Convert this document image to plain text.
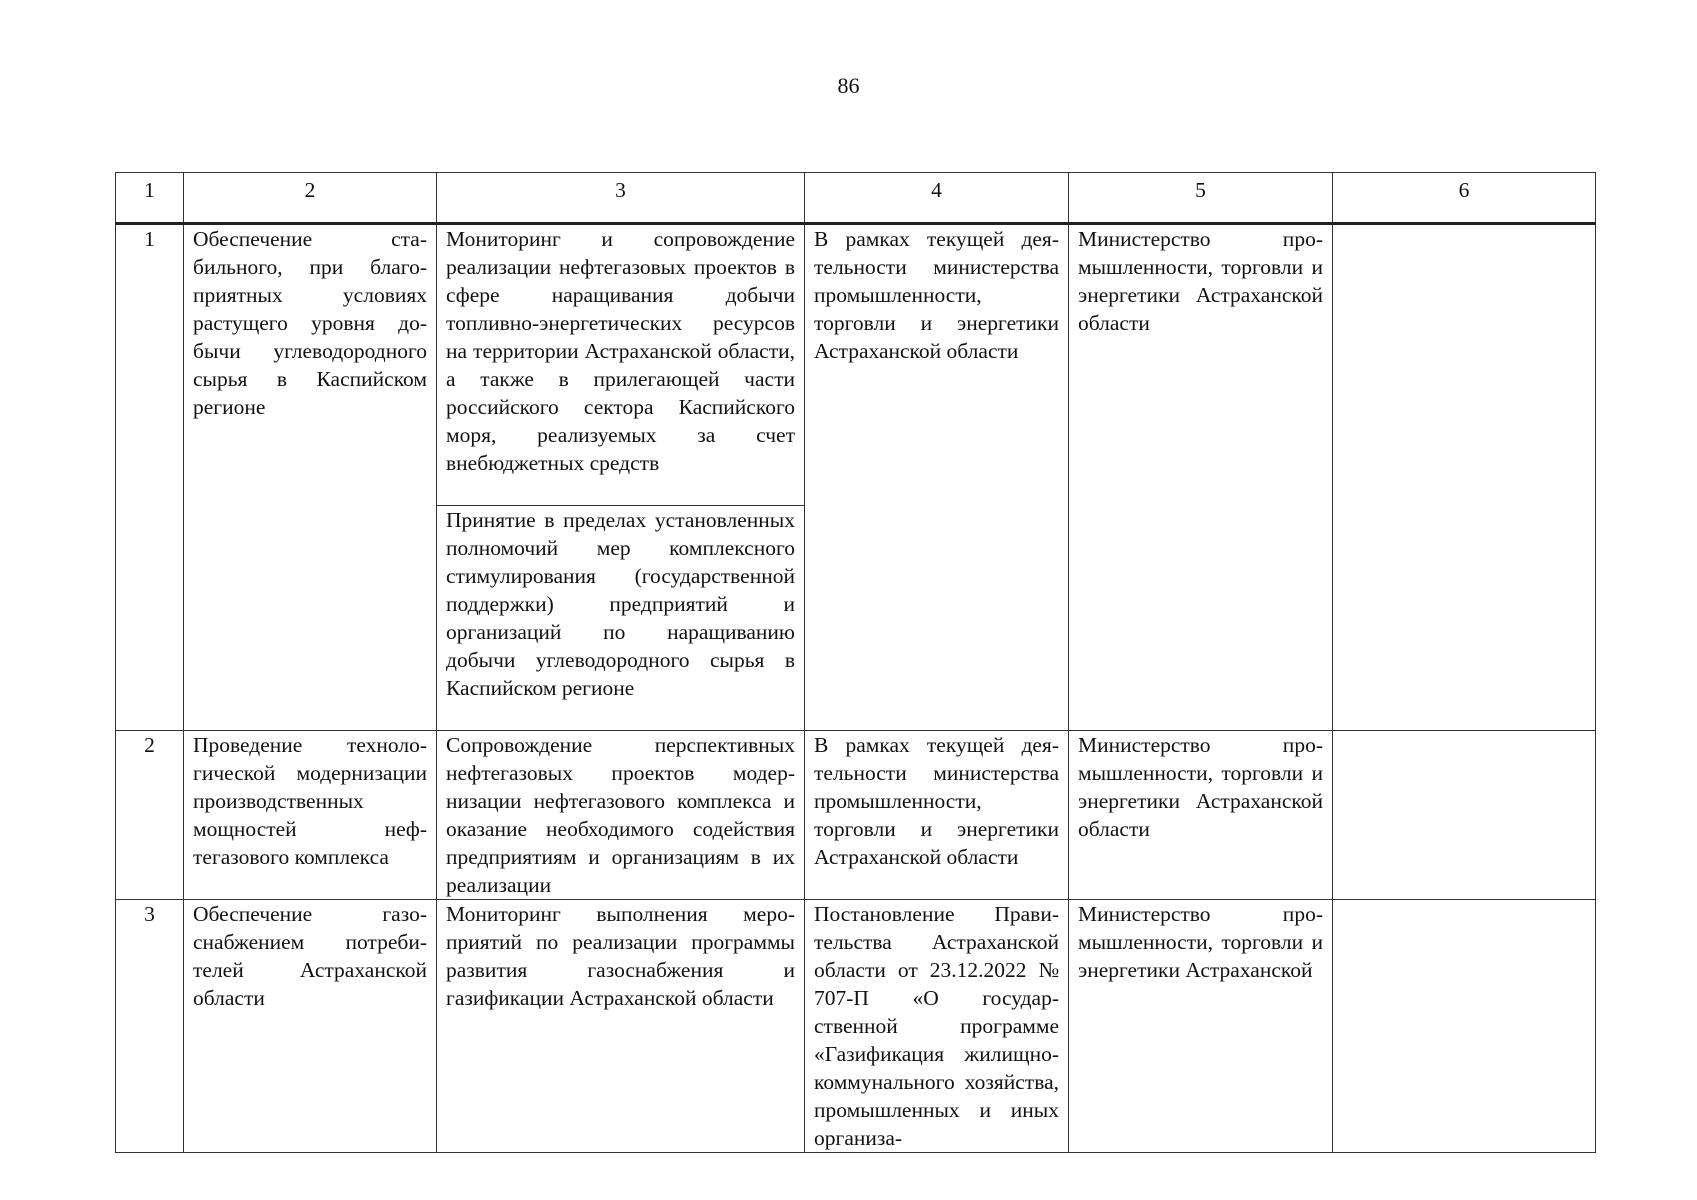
86
1	2	3	4	5	6
1	Обеспечение стабильного, при благоприятных условиях растущего уровня добычи углеводородного сырья в Каспийском регионе	Мониторинг и сопровождение реализации нефтегазовых проектов в сфере наращивания добычи топливно-энергетических ресурсов на территории Астраханской области, а также в прилегающей части российского сектора Каспийского моря, реализуемых за счет внебюджетных средств	В рамках текущей деятельности министерства промышленности, торговли и энергетики Астраханской области	Министерство промышленности, торговли и энергетики Астраханской области	
		Принятие в пределах установленных полномочий мер комплексного стимулирования (государственной поддержки) предприятий и организаций по наращиванию добычи углеводородного сырья в Каспийском регионе			
2	Проведение технологической модернизации производственных мощностей нефтегазового комплекса	Сопровождение перспективных нефтегазовых проектов модернизации нефтегазового комплекса и оказание необходимого содействия предприятиям и организациям в их реализации	В рамках текущей деятельности министерства промышленности, торговли и энергетики Астраханской области	Министерство промышленности, торговли и энергетики Астраханской области	
3	Обеспечение газоснабжением потребителей Астраханской области	Мониторинг выполнения мероприятий по реализации программы развития газоснабжения и газификации Астраханской области	Постановление Правительства Астраханской области от 23.12.2022 № 707-П «О государственной программе «Газификация жилищно-коммунального хозяйства, промышленных и иных организа-	Министерство промышленности, торговли и энергетики Астраханской	
